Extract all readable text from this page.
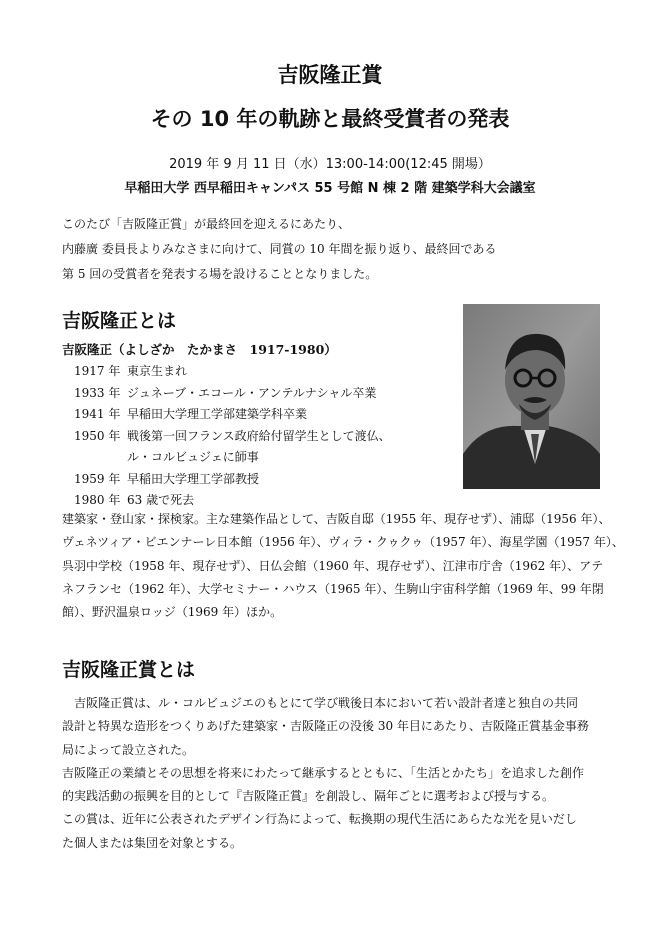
吉阪隆正賞
その 10 年の軌跡と最終受賞者の発表
2019 年 9 月 11 日（水）13:00-14:00(12:45 開場）
早稲田大学 西早稲田キャンパス 55 号館 N 棟 2 階 建築学科大会議室
このたび「吉阪隆正賞」が最終回を迎えるにあたり、
内藤廣 委員長よりみなさまに向けて、同賞の 10 年間を振り返り、最終回である
第 5 回の受賞者を発表する場を設けることとなりました。
吉阪隆正とは
吉阪隆正（よしざか　たかまさ　1917-1980）
1917 年 東京生まれ
1933 年 ジュネーブ・エコール・アンテルナシャル卒業
1941 年 早稲田大学理工学部建築学科卒業
1950 年 戦後第一回フランス政府給付留学生として渡仏、
ル・コルビュジェに師事
1959 年 早稲田大学理工学部教授
1980 年 63 歳で死去
建築家・登山家・探検家。主な建築作品として、吉阪自邸（1955 年、現存せず）、浦邸（1956 年）、
ヴェネツィア・ビエンナーレ日本館（1956 年）、ヴィラ・クゥクゥ（1957 年）、海星学園（1957 年）、
呉羽中学校（1958 年、現存せず）、日仏会館（1960 年、現存せず）、江津市庁舎（1962 年）、アテ
ネフランセ（1962 年）、大学セミナー・ハウス（1965 年）、生駒山宇宙科学館（1969 年、99 年閉
館）、野沢温泉ロッジ（1969 年）ほか。
吉阪隆正賞とは
　吉阪隆正賞は、ル・コルビュジエのもとにて学び戦後日本において若い設計者達と独自の共同
設計と特異な造形をつくりあげた建築家・吉阪隆正の没後 30 年目にあたり、吉阪隆正賞基金事務
局によって設立された。
吉阪隆正の業績とその思想を将来にわたって継承するとともに、「生活とかたち」を追求した創作
的実践活動の振興を目的として『吉阪隆正賞』を創設し、隔年ごとに選考および授与する。
この賞は、近年に公表されたデザイン行為によって、転換期の現代生活にあらたな光を見いだし
た個人または集団を対象とする。
